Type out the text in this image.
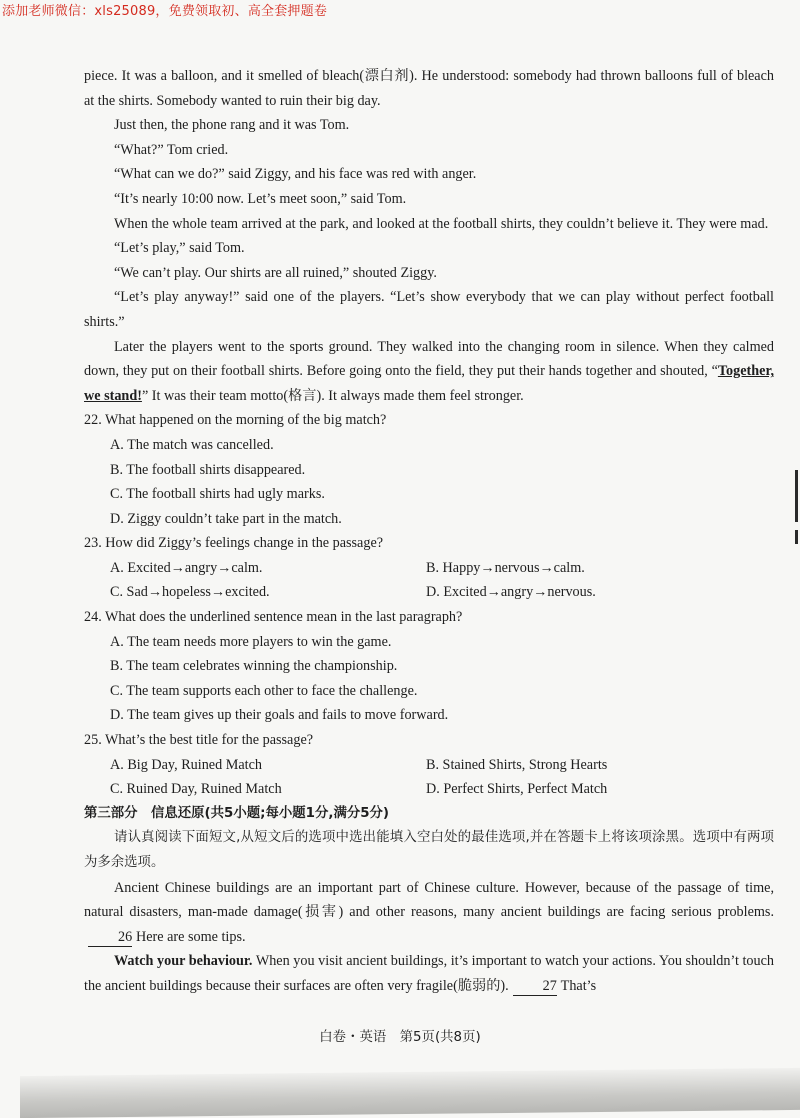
添加老师微信：xls25089，免费领取初、高全套押题卷

piece. It was a balloon, and it smelled of bleach(漂白剂). He understood: somebody had thrown balloons full of bleach at the shirts. Somebody wanted to ruin their big day.

Just then, the phone rang and it was Tom.

“What?” Tom cried.

“What can we do?” said Ziggy, and his face was red with anger.

“It’s nearly 10:00 now. Let’s meet soon,” said Tom.

When the whole team arrived at the park, and looked at the football shirts, they couldn’t believe it. They were mad.

“Let’s play,” said Tom.

“We can’t play. Our shirts are all ruined,” shouted Ziggy.

“Let’s play anyway!” said one of the players. “Let’s show everybody that we can play without perfect football shirts.”

Later the players went to the sports ground. They walked into the changing room in silence. When they calmed down, they put on their football shirts. Before going onto the field, they put their hands together and shouted, “Together, we stand!” It was their team motto(格言). It always made them feel stronger.

22. What happened on the morning of the big match?
A. The match was cancelled.
B. The football shirts disappeared.
C. The football shirts had ugly marks.
D. Ziggy couldn’t take part in the match.
23. How did Ziggy’s feelings change in the passage?
A. Excited→angry→calm.	B. Happy→nervous→calm.
C. Sad→hopeless→excited.	D. Excited→angry→nervous.
24. What does the underlined sentence mean in the last paragraph?
A. The team needs more players to win the game.
B. The team celebrates winning the championship.
C. The team supports each other to face the challenge.
D. The team gives up their goals and fails to move forward.
25. What’s the best title for the passage?
A. Big Day, Ruined Match	B. Stained Shirts, Strong Hearts
C. Ruined Day, Ruined Match	D. Perfect Shirts, Perfect Match
第三部分　信息还原(共5小题;每小题1分,满分5分)

请认真阅读下面短文,从短文后的选项中选出能填入空白处的最佳选项,并在答题卡上将该项涂黑。选项中有两项为多余选项。

Ancient Chinese buildings are an important part of Chinese culture. However, because of the passage of time, natural disasters, man-made damage(损害) and other reasons, many ancient buildings are facing serious problems.26 Here are some tips.

Watch your behaviour. When you visit ancient buildings, it’s important to watch your actions. You shouldn’t touch the ancient buildings because their surfaces are often very fragile(脆弱的). 27 That’s

白卷・英语　第5页(共8页)
